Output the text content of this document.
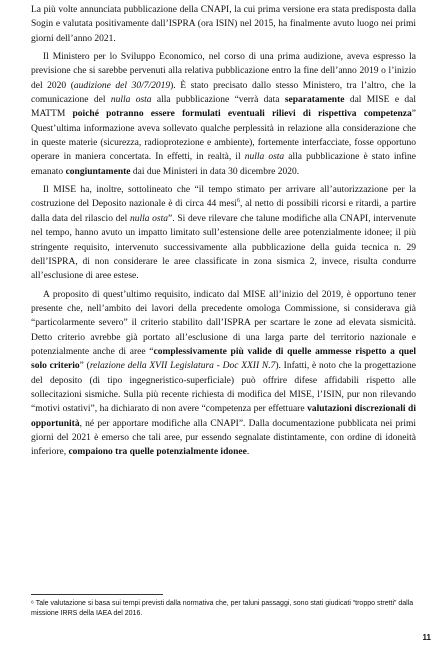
La più volte annunciata pubblicazione della CNAPI, la cui prima versione era stata predisposta dalla Sogin e valutata positivamente dall’ISPRA (ora ISIN) nel 2015, ha finalmente avuto luogo nei primi giorni dell’anno 2021.

Il Ministero per lo Sviluppo Economico, nel corso di una prima audizione, aveva espresso la previsione che si sarebbe pervenuti alla relativa pubblicazione entro la fine dell’anno 2019 o l’inizio del 2020 (audizione del 30/7/2019). È stato precisato dallo stesso Ministero, tra l’altro, che la comunicazione del nulla osta alla pubblicazione “verrà data separatamente dal MISE e dal MATTM poiché potranno essere formulati eventuali rilievi di rispettiva competenza” Quest’ultima informazione aveva sollevato qualche perplessità in relazione alla considerazione che in queste materie (sicurezza, radioprotezione e ambiente), fortemente interfacciate, fosse opportuno operare in maniera concertata. In effetti, in realtà, il nulla osta alla pubblicazione è stato infine emanato congiuntamente dai due Ministeri in data 30 dicembre 2020.

Il MISE ha, inoltre, sottolineato che “il tempo stimato per arrivare all’autorizzazione per la costruzione del Deposito nazionale è di circa 44 mesi$^6$, al netto di possibili ricorsi e ritardi, a partire dalla data del rilascio del nulla osta”. Si deve rilevare che talune modifiche alla CNAPI, intervenute nel tempo, hanno avuto un impatto limitato sull’estensione delle aree potenzialmente idonee; il più stringente requisito, intervenuto successivamente alla pubblicazione della guida tecnica n. 29 dell’ISPRA, di non considerare le aree classificate in zona sismica 2, invece, risulta condurre all’esclusione di aree estese.

A proposito di quest’ultimo requisito, indicato dal MISE all’inizio del 2019, è opportuno tener presente che, nell’ambito dei lavori della precedente omologa Commissione, si considerava già “particolarmente severo” il criterio stabilito dall’ISPRA per scartare le zone ad elevata sismicità. Detto criterio avrebbe già portato all’esclusione di una larga parte del territorio nazionale e potenzialmente anche di aree “complessivamente più valide di quelle ammesse rispetto a quel solo criterio” (relazione della XVII Legislatura - Doc XXII N.7). Infatti, è noto che la progettazione del deposito (di tipo ingegneristico-superficiale) può offrire difese affidabili rispetto alle sollecitazioni sismiche. Sulla più recente richiesta di modifica del MISE, l’ISIN, pur non rilevando “motivi ostativi”, ha dichiarato di non avere “competenza per effettuare valutazioni discrezionali di opportunità, né per apportare modifiche alla CNAPI”. Dalla documentazione pubblicata nei primi giorni del 2021 è emerso che tali aree, pur essendo segnalate distintamente, con ordine di idoneità inferiore, compaiono tra quelle potenzialmente idonee.

⁶ Tale valutazione si basa sui tempi previsti dalla normativa che, per taluni passaggi, sono stati giudicati “troppo stretti” dalla missione IRRS della IAEA del 2016.
11
